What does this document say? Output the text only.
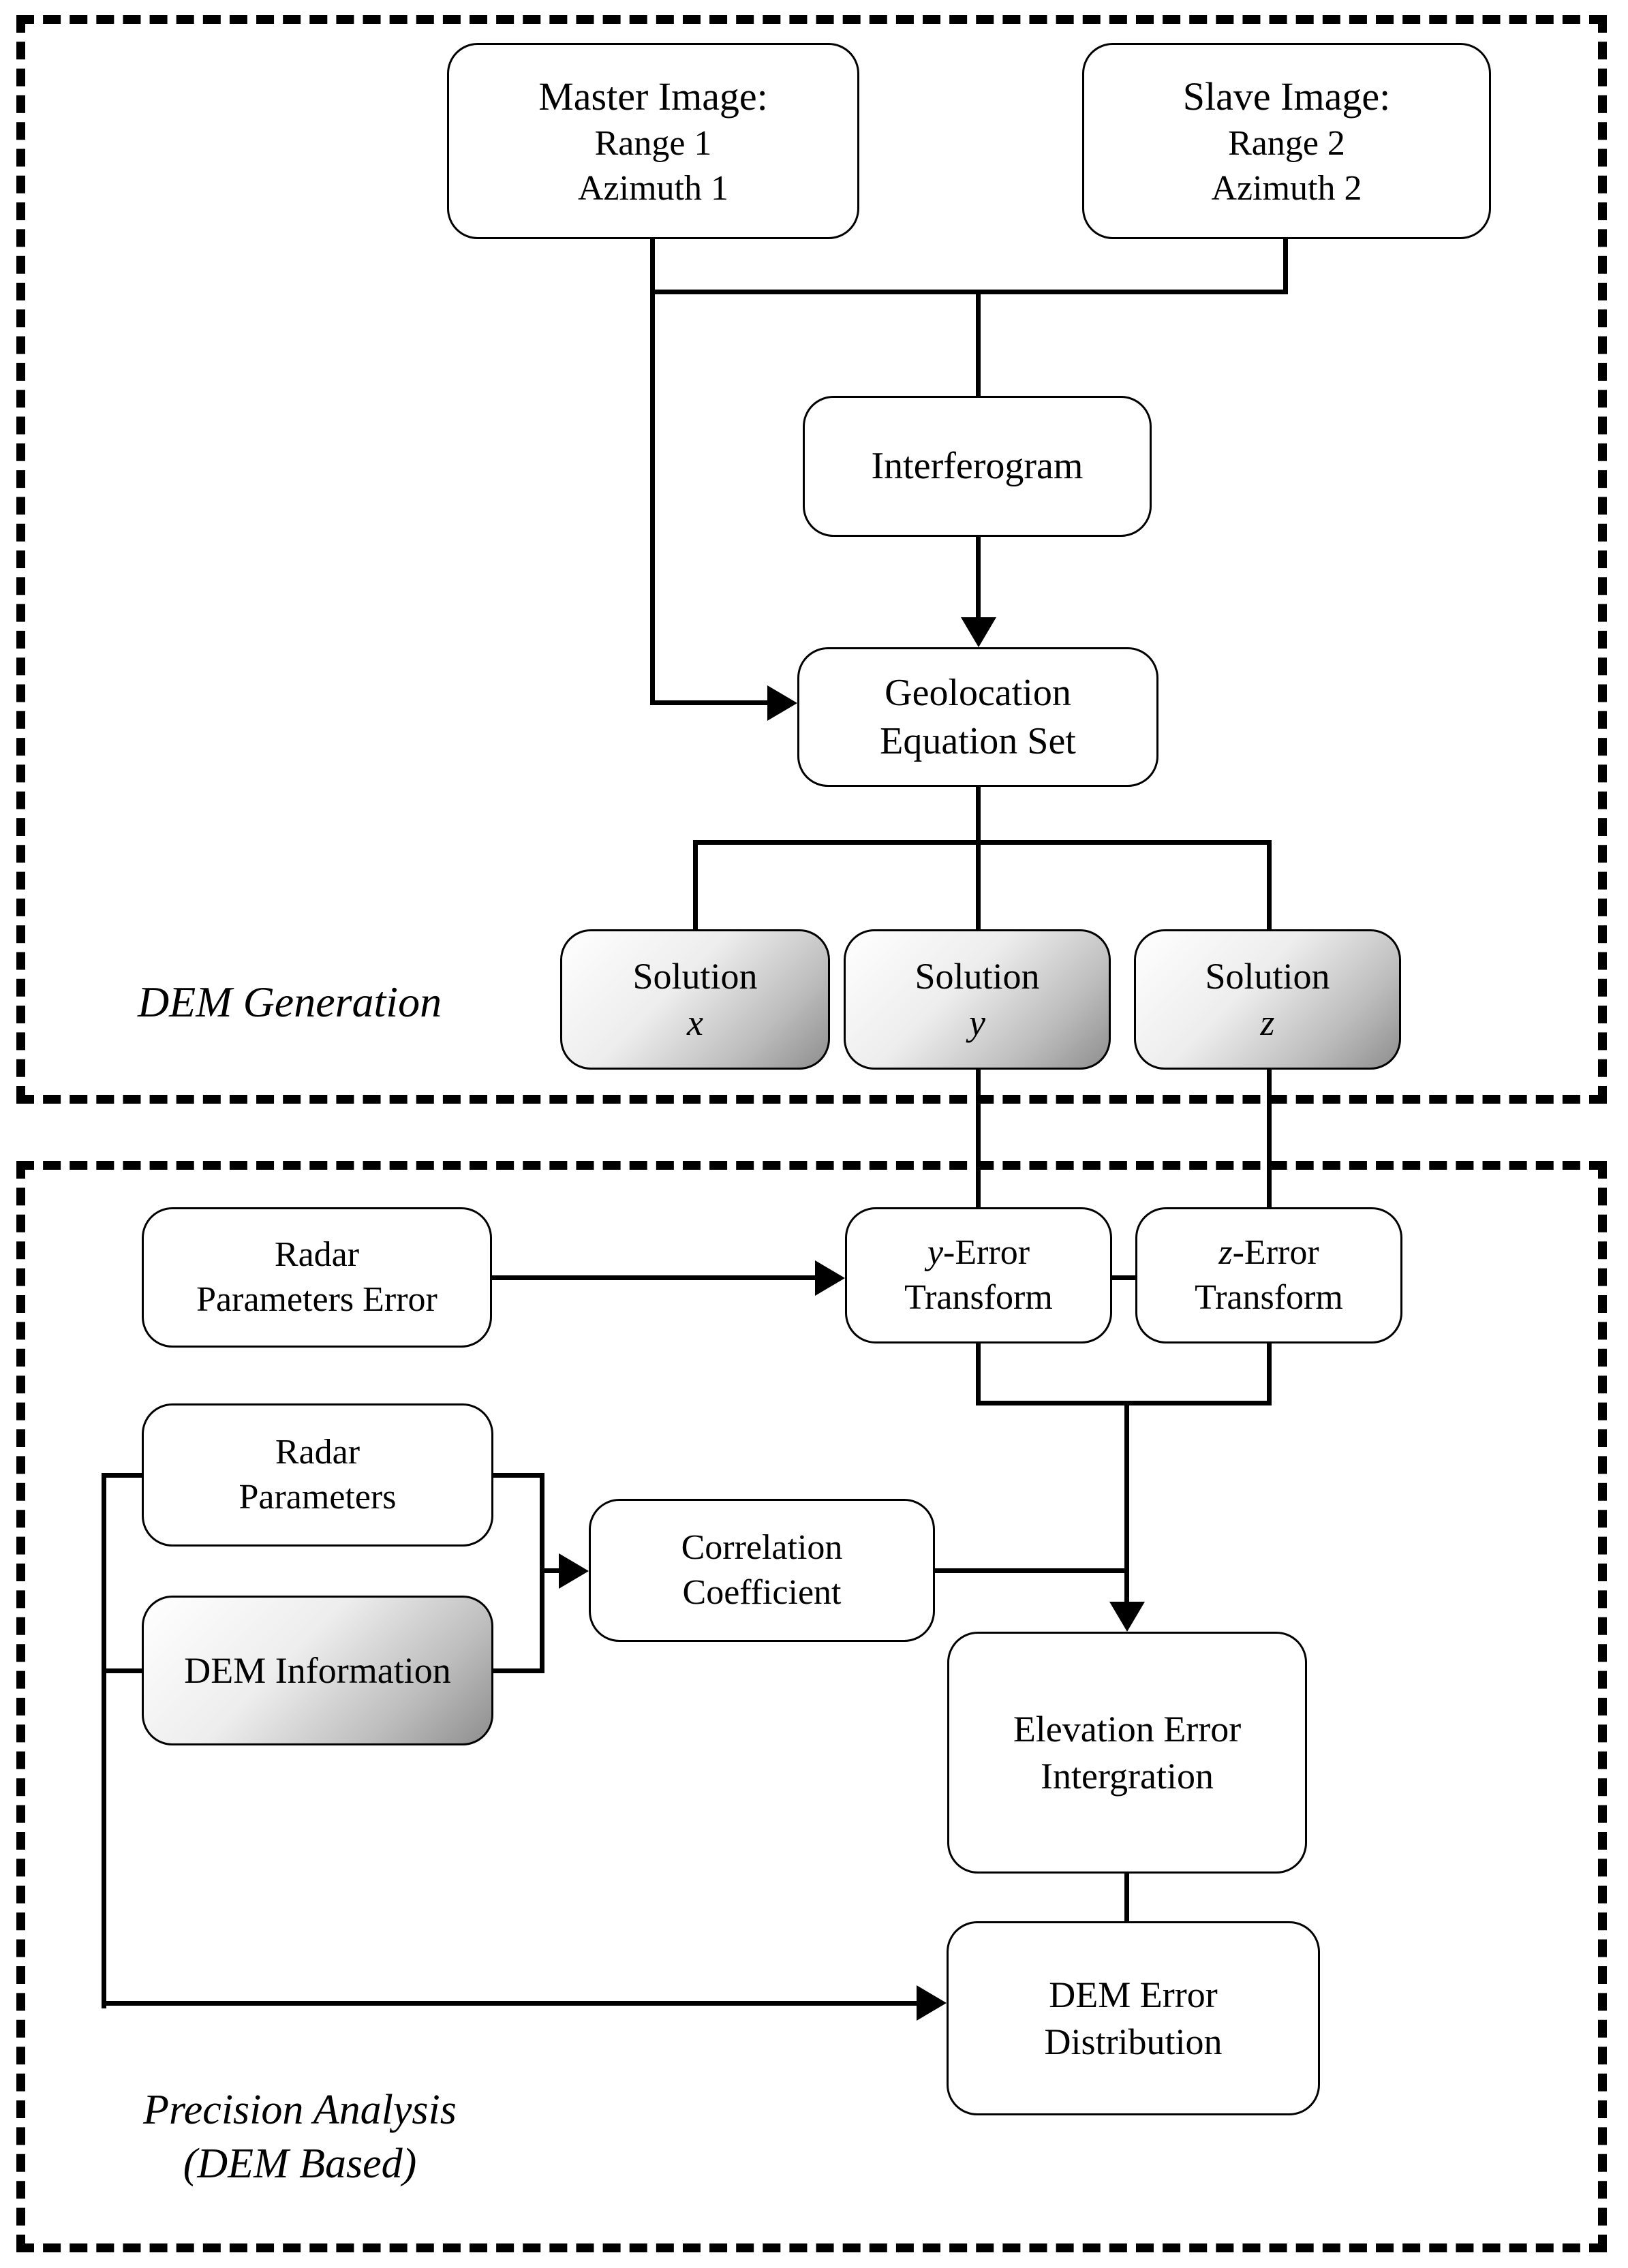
Master Image:
Range 1
Azimuth 1
Slave Image:
Range 2
Azimuth 2
Interferogram
Geolocation
Equation Set
Solution
x
Solution
y
Solution
z
Radar
Parameters Error
y-Error
Transform
z-Error
Transform
Radar
Parameters
DEM Information
Correlation
Coefficient
Elevation Error
Intergration
DEM Error
Distribution
DEM Generation
Precision Analysis
(DEM Based)
